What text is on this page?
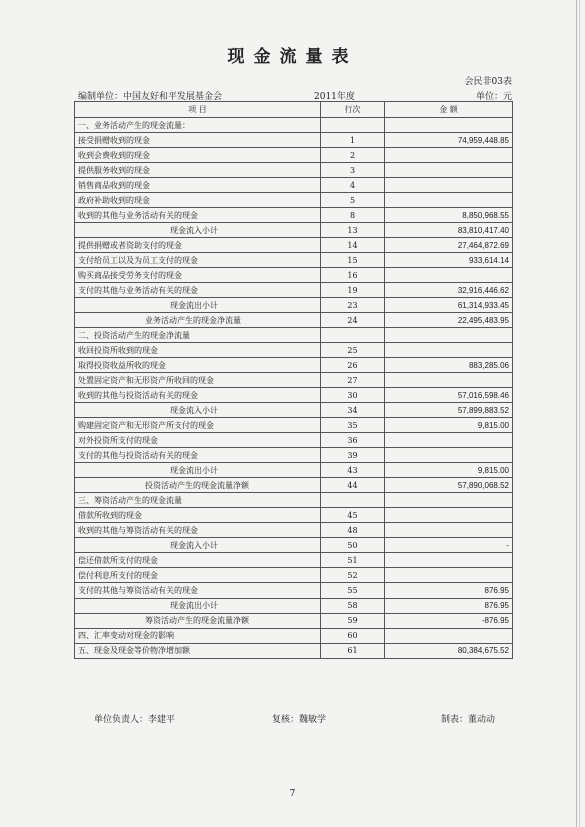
现金流量表
会民非03表
编制单位：中国友好和平发展基金会	2011年度	单位：元
项 目	行次	金 额
一、业务活动产生的现金流量：		
接受捐赠收到的现金	1	74,959,448.85
收到会费收到的现金	2	
提供服务收到的现金	3	
销售商品收到的现金	4	
政府补助收到的现金	5	
收到的其他与业务活动有关的现金	8	8,850,968.55
现金流入小计	13	83,810,417.40
提供捐赠或者资助支付的现金	14	27,464,872.69
支付给员工以及为员工支付的现金	15	933,614.14
购买商品接受劳务支付的现金	16	
支付的其他与业务活动有关的现金	19	32,916,446.62
现金流出小计	23	61,314,933.45
业务活动产生的现金净流量	24	22,495,483.95
二、投资活动产生的现金净流量		
收回投资所收到的现金	25	
取得投资收益所收的现金	26	883,285.06
处置固定资产和无形资产所收回的现金	27	
收到的其他与投资活动有关的现金	30	57,016,598.46
现金流入小计	34	57,899,883.52
购建固定资产和无形资产所支付的现金	35	9,815.00
对外投资所支付的现金	36	
支付的其他与投资活动有关的现金	39	
现金流出小计	43	9,815.00
投资活动产生的现金流量净额	44	57,890,068.52
三、筹资活动产生的现金流量		
借款所收到的现金	45	
收到的其他与筹资活动有关的现金	48	
现金流入小计	50	-
偿还借款所支付的现金	51	
偿付利息所支付的现金	52	
支付的其他与筹资活动有关的现金	55	876.95
现金流出小计	58	876.95
筹资活动产生的现金流量净额	59	-876.95
四、汇率变动对现金的影响	60	
五、现金及现金等价物净增加额	61	80,384,675.52
单位负责人：李建平	复核：魏敏学	制表：董动动
7
